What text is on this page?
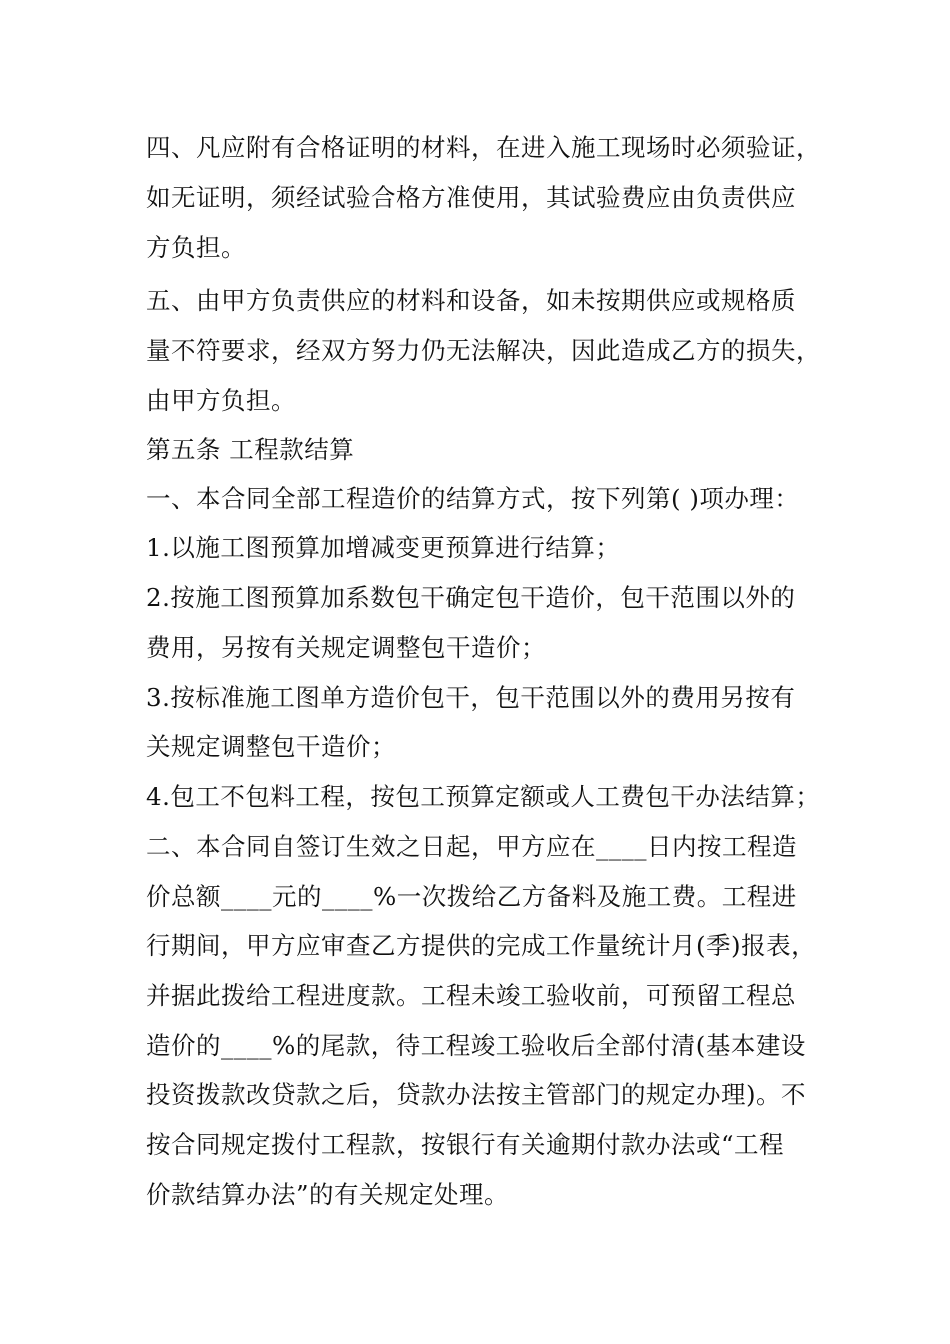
四、凡应附有合格证明的材料，在进入施工现场时必须验证，
如无证明，须经试验合格方准使用，其试验费应由负责供应
方负担。
五、由甲方负责供应的材料和设备，如未按期供应或规格质
量不符要求，经双方努力仍无法解决，因此造成乙方的损失，
由甲方负担。
第五条 工程款结算
一、本合同全部工程造价的结算方式，按下列第( )项办理：
1.以施工图预算加增减变更预算进行结算；
2.按施工图预算加系数包干确定包干造价，包干范围以外的
费用，另按有关规定调整包干造价；
3.按标准施工图单方造价包干，包干范围以外的费用另按有
关规定调整包干造价；
4.包工不包料工程，按包工预算定额或人工费包干办法结算；
二、本合同自签订生效之日起，甲方应在____日内按工程造
价总额____元的____%一次拨给乙方备料及施工费。工程进
行期间，甲方应审查乙方提供的完成工作量统计月(季)报表，
并据此拨给工程进度款。工程未竣工验收前，可预留工程总
造价的____%的尾款，待工程竣工验收后全部付清(基本建设
投资拨款改贷款之后，贷款办法按主管部门的规定办理)。不
按合同规定拨付工程款，按银行有关逾期付款办法或“工程
价款结算办法”的有关规定处理。
